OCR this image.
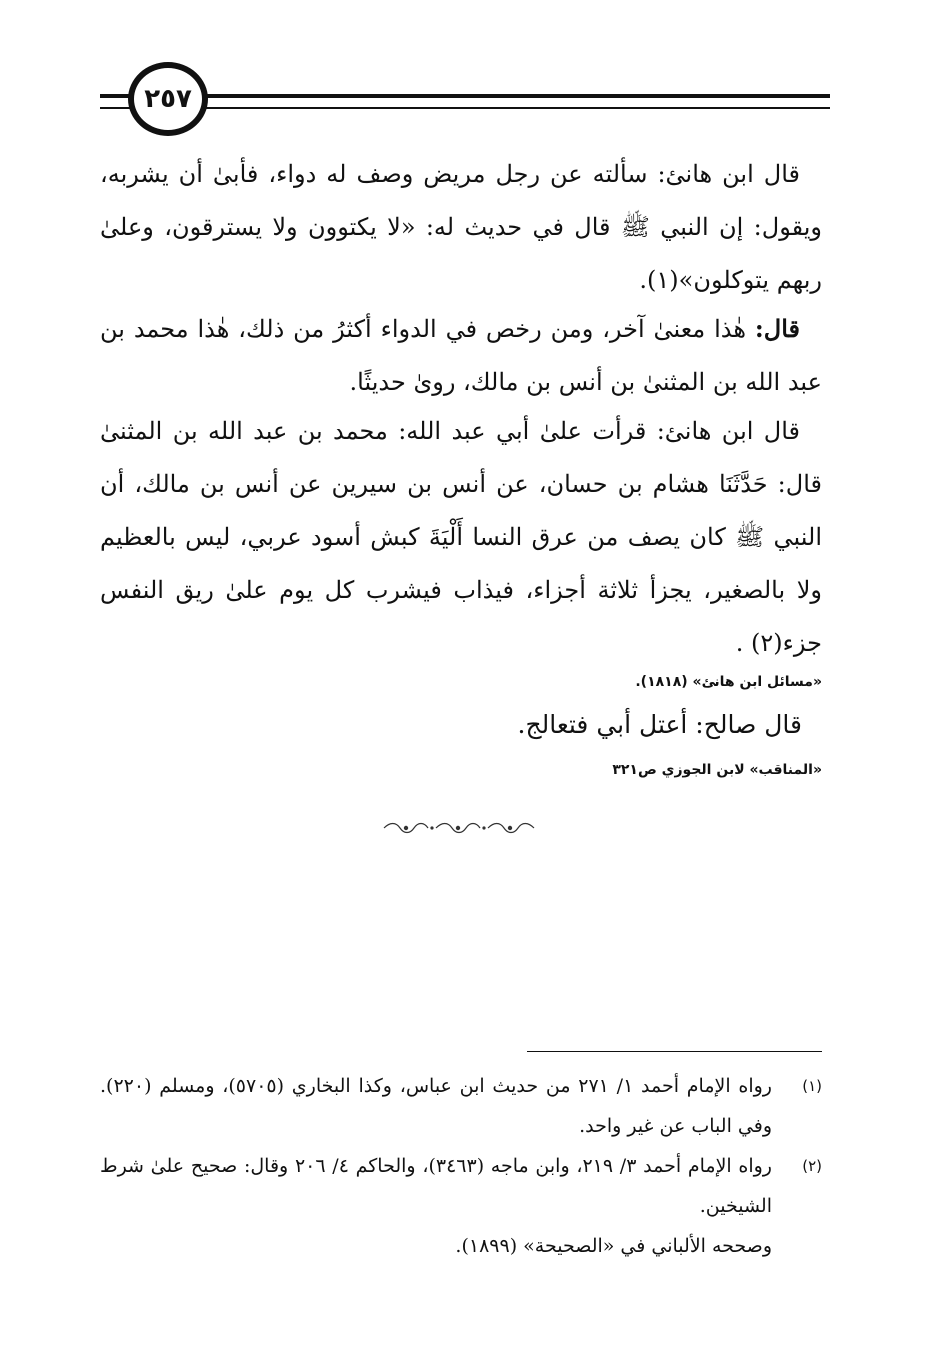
٢٥٧
قال ابن هانئ: سألته عن رجل مريض وصف له دواء، فأبىٰ أن يشربه، ويقول: إن النبي ﷺ قال في حديث له: «لا يكتوون ولا يسترقون، وعلىٰ ربهم يتوكلون»(١).
قال: هٰذا معنىٰ آخر، ومن رخص في الدواء أكثرُ من ذلك، هٰذا محمد بن عبد الله بن المثنىٰ بن أنس بن مالك، روىٰ حديثًا.
قال ابن هانئ: قرأت علىٰ أبي عبد الله: محمد بن عبد الله بن المثنىٰ قال: حَدَّثَنَا هشام بن حسان، عن أنس بن سيرين عن أنس بن مالك، أن النبي ﷺ كان يصف من عرق النسا أَلْيَةَ كبش أسود عربي، ليس بالعظيم ولا بالصغير، يجزأ ثلاثة أجزاء، فيذاب فيشرب كل يوم علىٰ ريق النفس جزء(٢) .
«مسائل ابن هانئ» (١٨١٨).
قال صالح: أعتل أبي فتعالج.
«المناقب» لابن الجوزي ص٣٢١
(١)
رواه الإمام أحمد ١/ ٢٧١ من حديث ابن عباس، وكذا البخاري (٥٧٠٥)، ومسلم (٢٢٠). وفي الباب عن غير واحد.
(٢)
رواه الإمام أحمد ٣/ ٢١٩، وابن ماجه (٣٤٦٣)، والحاكم ٤/ ٢٠٦ وقال: صحيح علىٰ شرط الشيخين.
وصححه الألباني في «الصحيحة» (١٨٩٩).
